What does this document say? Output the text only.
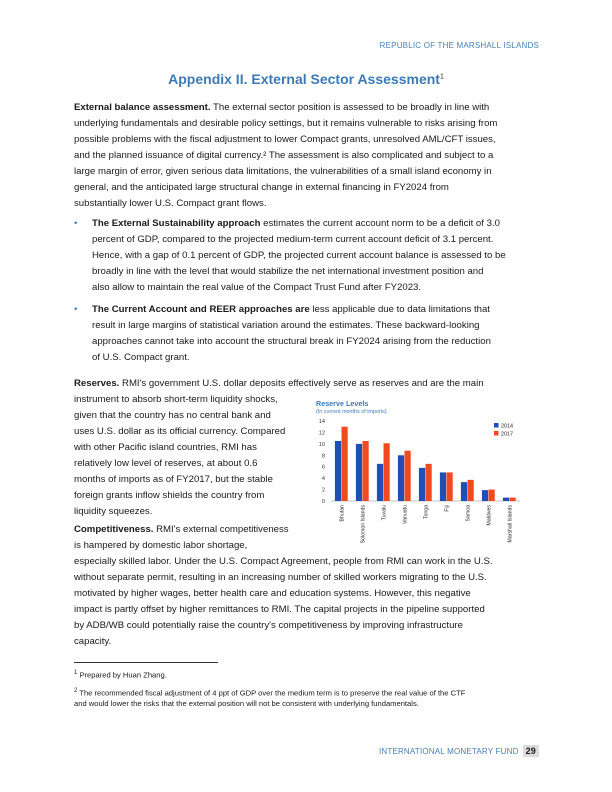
REPUBLIC OF THE MARSHALL ISLANDS
Appendix II. External Sector Assessment$^1$
Reserve Levels
(In current months of imports)
0
2
4
6
8
10
12
14
Bhutan	Solomon Islands	Tuvalu	Vanuatu	Tonga	Fiji	Samoa	Maldives	Marshall Islands
2014
2017
INTERNATIONAL MONETARY FUND 29
External balance assessment. The external sector position is assessed to be broadly in line with
underlying fundamentals and desirable policy settings, but it remains vulnerable to risks arising from
possible problems with the fiscal adjustment to lower Compact grants, unresolved AML/CFT issues,
and the planned issuance of digital currency.² The assessment is also complicated and subject to a
large margin of error, given serious data limitations, the vulnerabilities of a small island economy in
general, and the anticipated large structural change in external financing in FY2024 from
substantially lower U.S. Compact grant flows.
The External Sustainability approach estimates the current account norm to be a deficit of 3.0
percent of GDP, compared to the projected medium-term current account deficit of 3.1 percent.
Hence, with a gap of 0.1 percent of GDP, the projected current account balance is assessed to be
broadly in line with the level that would stabilize the net international investment position and
also allow to maintain the real value of the Compact Trust Fund after FY2023.
The Current Account and REER approaches are less applicable due to data limitations that
result in large margins of statistical variation around the estimates. These backward-looking
approaches cannot take into account the structural break in FY2024 arising from the reduction
of U.S. Compact grant.
Reserves. RMI's government U.S. dollar deposits effectively serve as reserves and are the main
instrument to absorb short-term liquidity shocks,
given that the country has no central bank and
uses U.S. dollar as its official currency. Compared
with other Pacific island countries, RMI has
relatively low level of reserves, at about 0.6
months of imports as of FY2017, but the stable
foreign grants inflow shields the country from
liquidity squeezes.
Competitiveness. RMI's external competitiveness
is hampered by domestic labor shortage,
especially skilled labor. Under the U.S. Compact Agreement, people from RMI can work in the U.S.
without separate permit, resulting in an increasing number of skilled workers migrating to the U.S.
motivated by higher wages, better health care and education systems. However, this negative
impact is partly offset by higher remittances to RMI. The capital projects in the pipeline supported
by ADB/WB could potentially raise the country's competitiveness by improving infrastructure
capacity.
•
•
$^1$ Prepared by Huan Zhang.
$^2$ The recommended fiscal adjustment of 4 ppt of GDP over the medium term is to preserve the real value of the CTF
and would lower the risks that the external position will not be consistent with underlying fundamentals.
